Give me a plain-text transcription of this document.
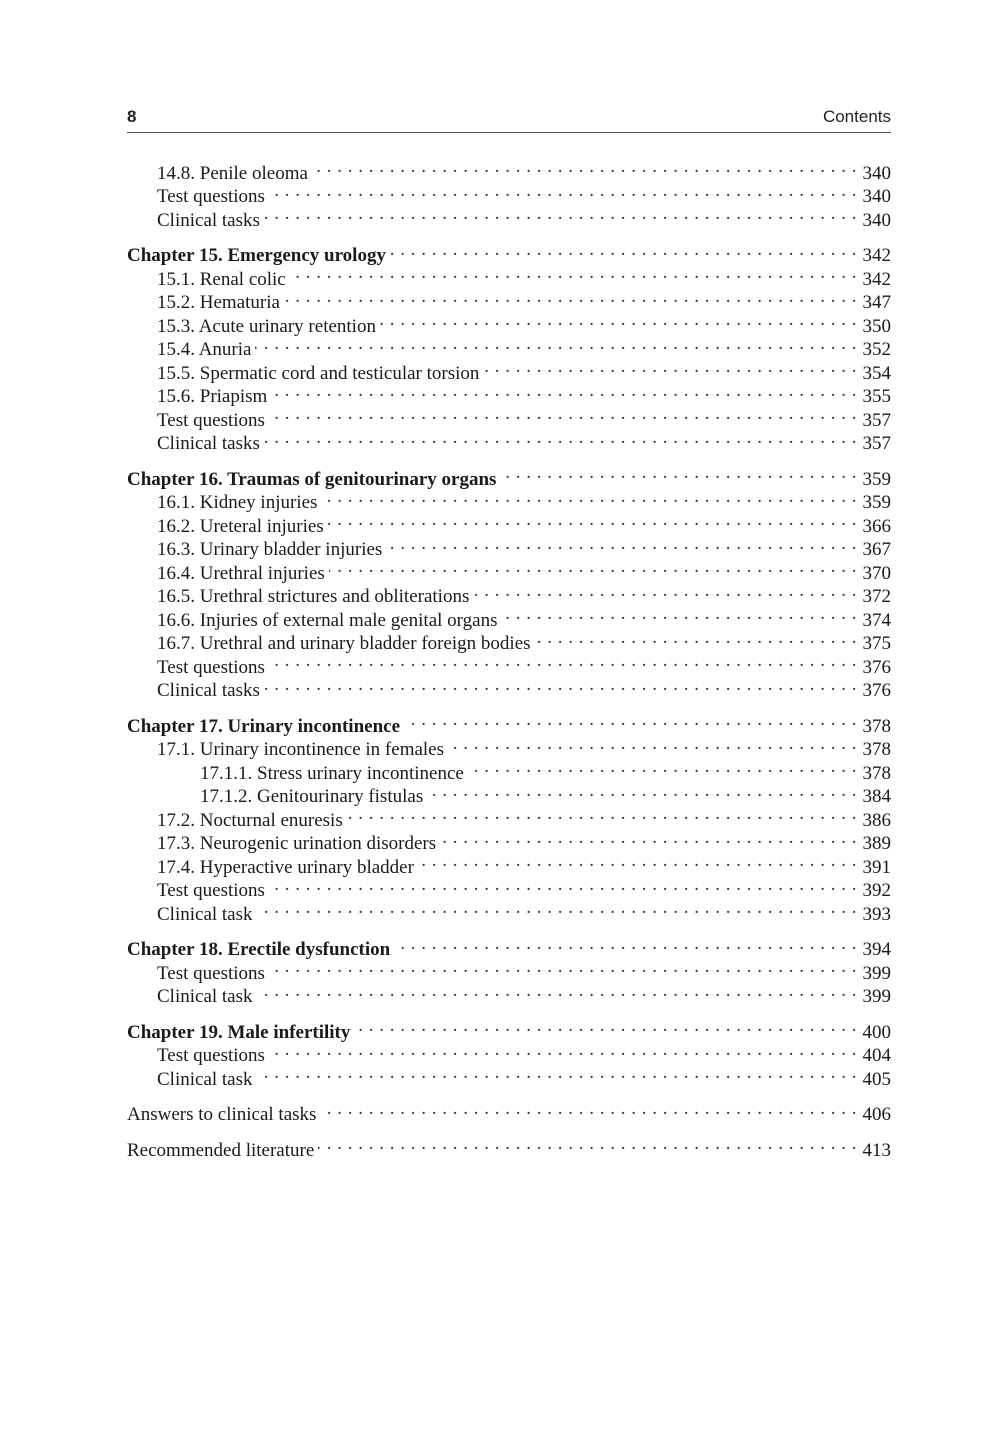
8	Contents
14.8. Penile oleoma . . .	340
Test questions . . .	340
Clinical tasks . . .	340
Chapter 15. Emergency urology . . .	342
15.1. Renal colic . . .	342
15.2. Hematuria . . .	347
15.3. Acute urinary retention . . .	350
15.4. Anuria . . .	352
15.5. Spermatic cord and testicular torsion . . .	354
15.6. Priapism . . .	355
Test questions . . .	357
Clinical tasks . . .	357
Chapter 16. Traumas of genitourinary organs . . .	359
16.1. Kidney injuries . . .	359
16.2. Ureteral injuries . . .	366
16.3. Urinary bladder injuries . . .	367
16.4. Urethral injuries . . .	370
16.5. Urethral strictures and obliterations . . .	372
16.6. Injuries of external male genital organs . . .	374
16.7. Urethral and urinary bladder foreign bodies . . .	375
Test questions . . .	376
Clinical tasks . . .	376
Chapter 17. Urinary incontinence . . .	378
17.1. Urinary incontinence in females . . .	378
17.1.1. Stress urinary incontinence . . .	378
17.1.2. Genitourinary fistulas . . .	384
17.2. Nocturnal enuresis . . .	386
17.3. Neurogenic urination disorders . . .	389
17.4. Hyperactive urinary bladder . . .	391
Test questions . . .	392
Clinical task . . .	393
Chapter 18. Erectile dysfunction . . .	394
Test questions . . .	399
Clinical task . . .	399
Chapter 19. Male infertility . . .	400
Test questions . . .	404
Clinical task . . .	405
Answers to clinical tasks . . .	406
Recommended literature . . .	413
